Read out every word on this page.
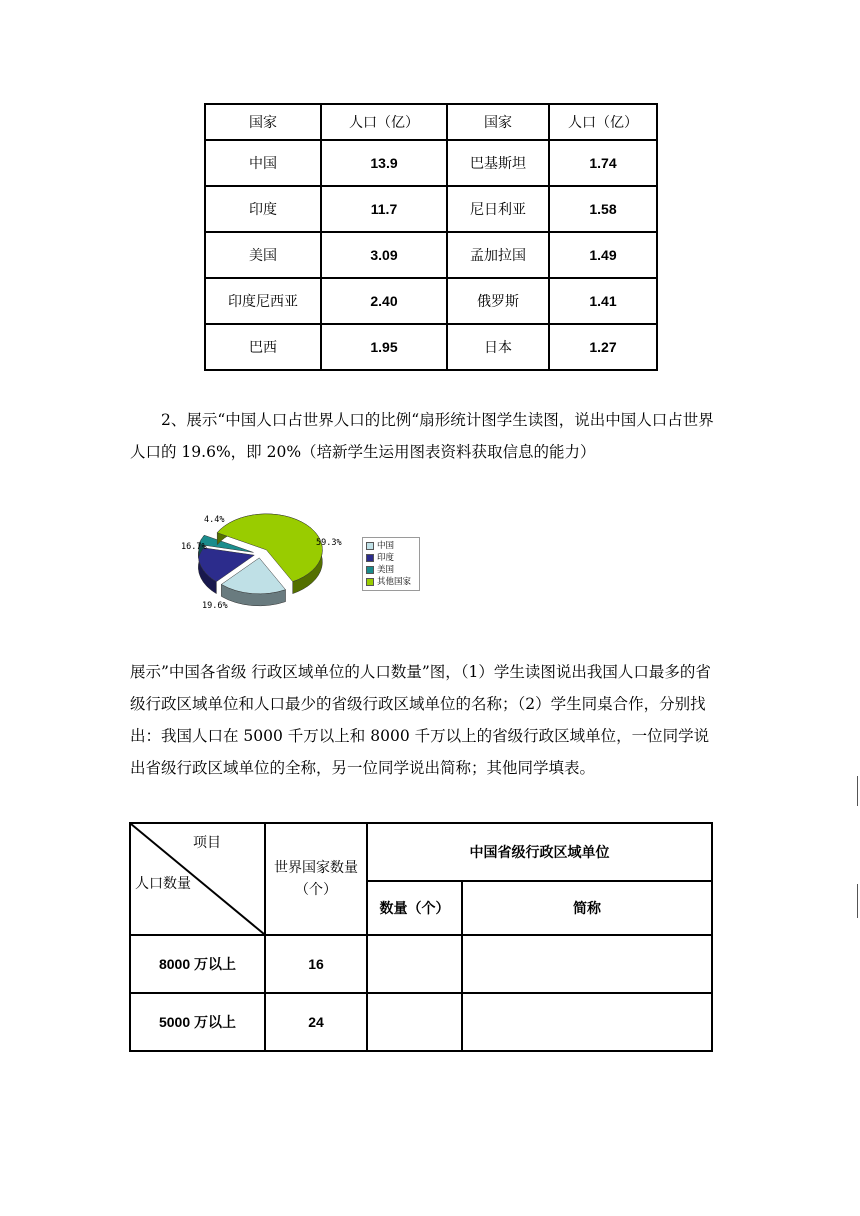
国家	人口（亿）	国家	人口（亿）
中国	13.9	巴基斯坦	1.74
印度	11.7	尼日利亚	1.58
美国	3.09	孟加拉国	1.49
印度尼西亚	2.40	俄罗斯	1.41
巴西	1.95	日本	1.27

2、展示“中国人口占世界人口的比例“扇形统计图学生读图，说出中国人口占世界人口的 19.6%，即 20%（培新学生运用图表资料获取信息的能力）

19.6%
16.7%
4.4%
59.3%	中国
印度
美国
其他国家

展示”中国各省级 行政区域单位的人口数量”图，（1）学生读图说出我国人口最多的省级行政区域单位和人口最少的省级行政区域单位的名称；（2）学生同桌合作，分别找出：我国人口在 5000 千万以上和 8000 千万以上的省级行政区域单位，一位同学说出省级行政区域单位的全称，另一位同学说出简称；其他同学填表。

项目
人口数量	世界国家数量（个）	中国省级行政区域单位	
		数量（个）	简称
8000 万以上	16		
5000 万以上	24		
